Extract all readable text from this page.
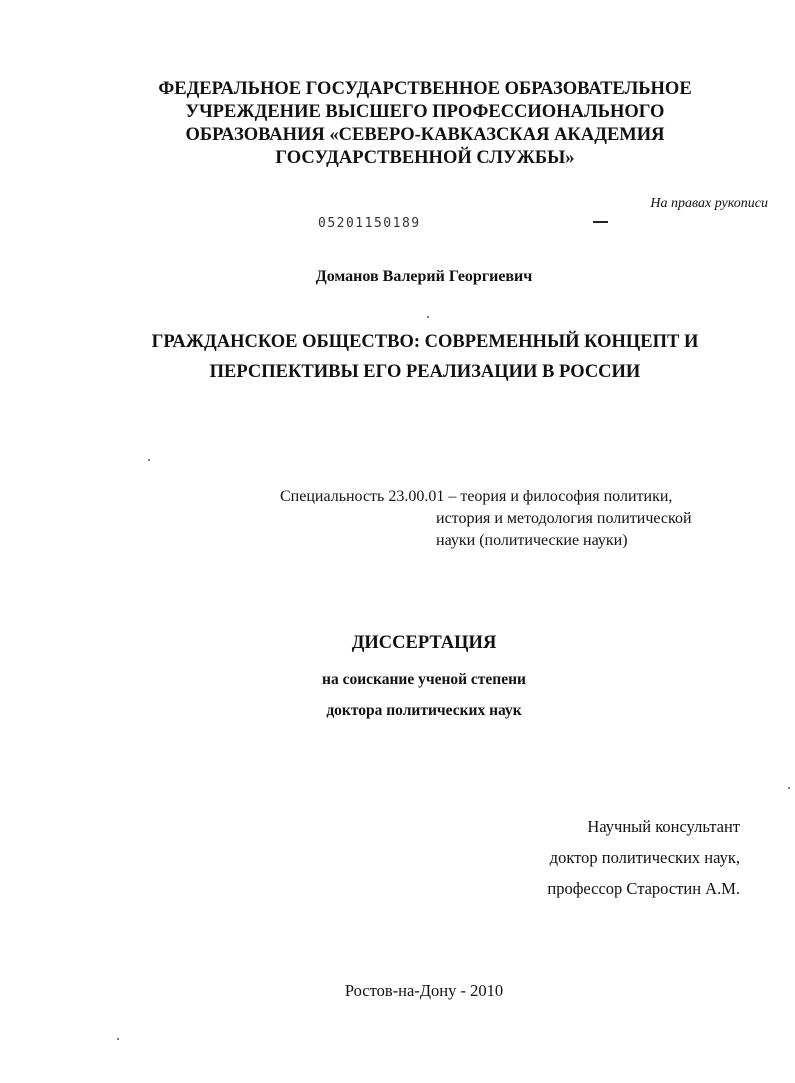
ФЕДЕРАЛЬНОЕ ГОСУДАРСТВЕННОЕ ОБРАЗОВАТЕЛЬНОЕ
УЧРЕЖДЕНИЕ ВЫСШЕГО ПРОФЕССИОНАЛЬНОГО
ОБРАЗОВАНИЯ «СЕВЕРО-КАВКАЗСКАЯ АКАДЕМИЯ
ГОСУДАРСТВЕННОЙ СЛУЖБЫ»
На правах рукописи
05201150189
Доманов Валерий Георгиевич
ГРАЖДАНСКОЕ ОБЩЕСТВО: СОВРЕМЕННЫЙ КОНЦЕПТ И
ПЕРСПЕКТИВЫ ЕГО РЕАЛИЗАЦИИ В РОССИИ
Специальность 23.00.01 – теория и философия политики,
история и методология политической
науки (политические науки)
ДИССЕРТАЦИЯ
на соискание ученой степени
доктора политических наук
Научный консультант
доктор политических наук,
профессор Старостин А.М.
Ростов-на-Дону - 2010
